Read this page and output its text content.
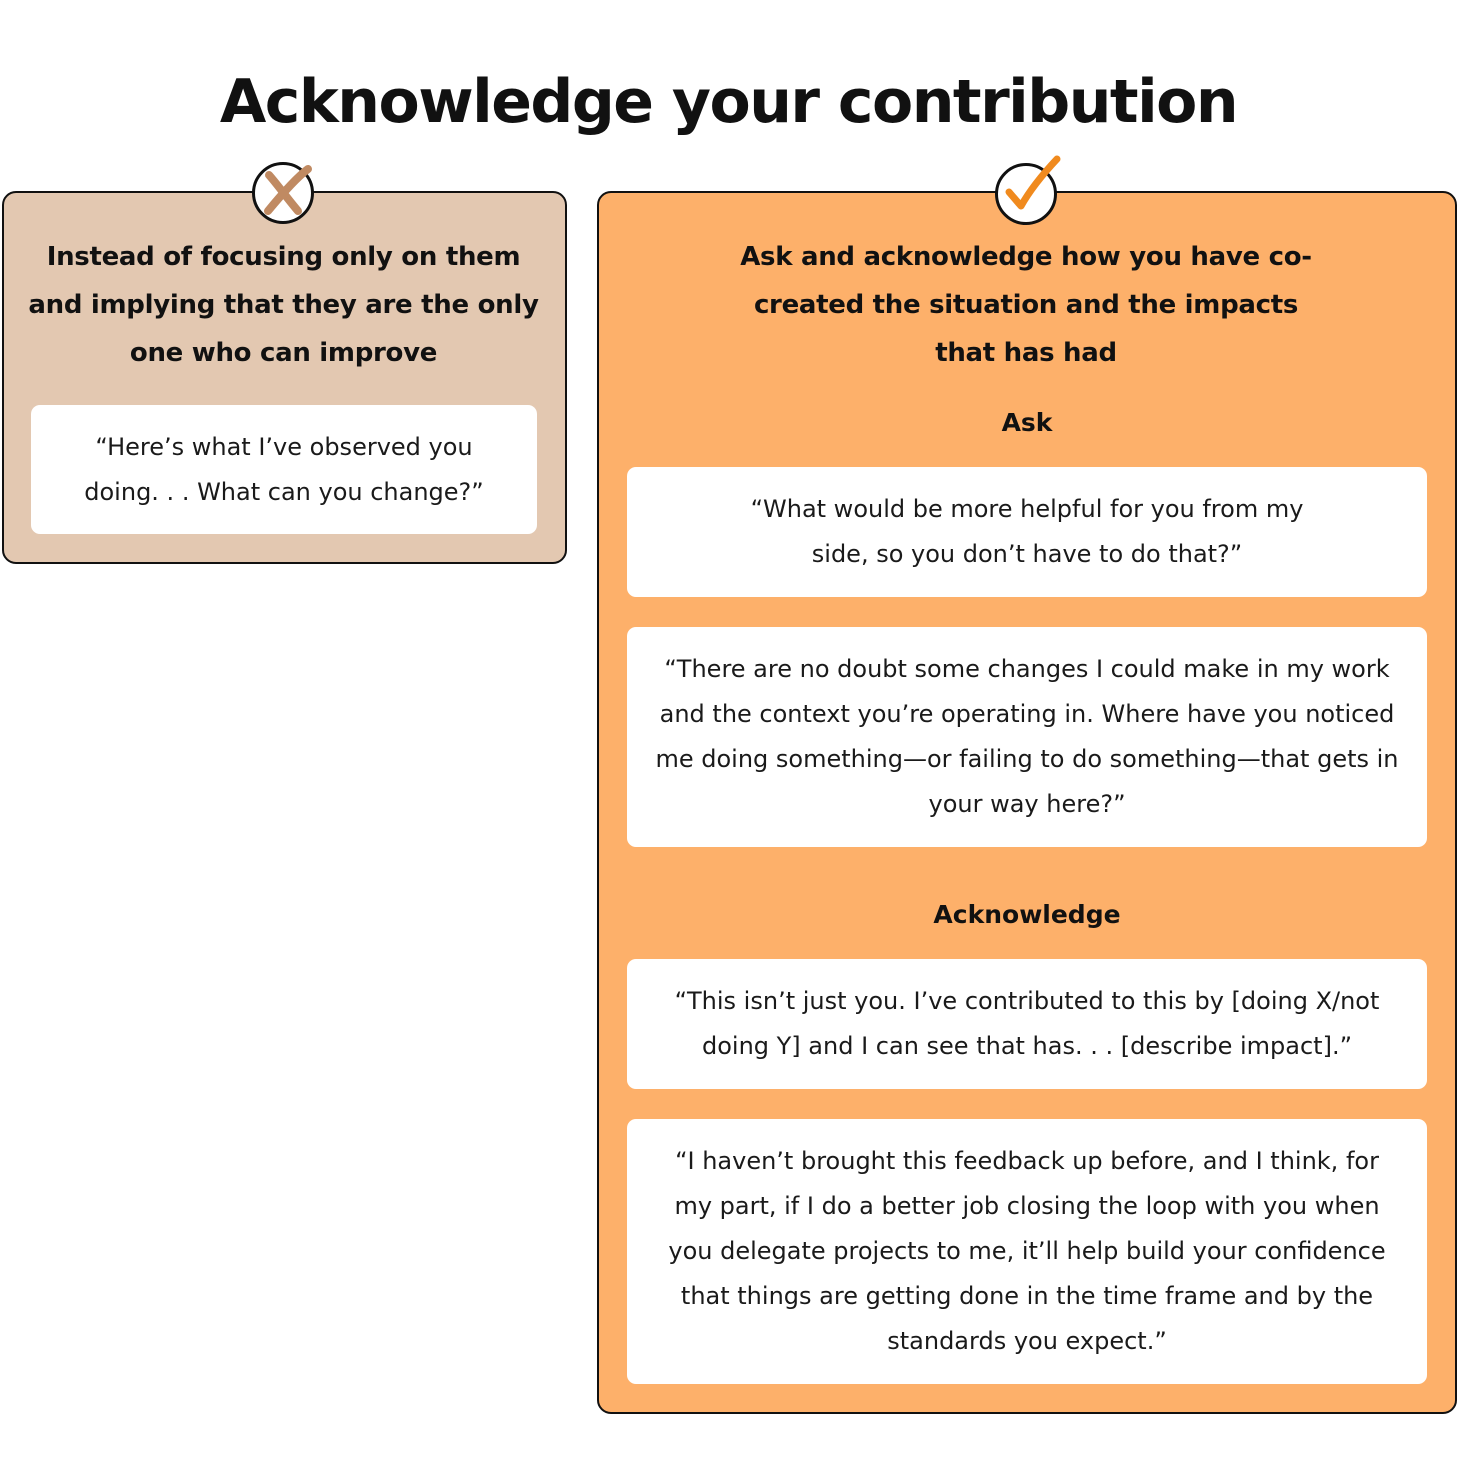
Acknowledge your contribution
Instead of focusing only on them and implying that they are the only one who can improve
“Here’s what I’ve observed you doing. . . What can you change?”
Ask and acknowledge how you have co-created the situation and the impacts that has had
Ask
“What would be more helpful for you from my side, so you don’t have to do that?”
“There are no doubt some changes I could make in my work and the context you’re operating in. Where have you noticed me doing something—or failing to do something—that gets in your way here?”
Acknowledge
“This isn’t just you. I’ve contributed to this by [doing X/not doing Y] and I can see that has. . . [describe impact].”
“I haven’t brought this feedback up before, and I think, for my part, if I do a better job closing the loop with you when you delegate projects to me, it’ll help build your confidence that things are getting done in the time frame and by the standards you expect.”
